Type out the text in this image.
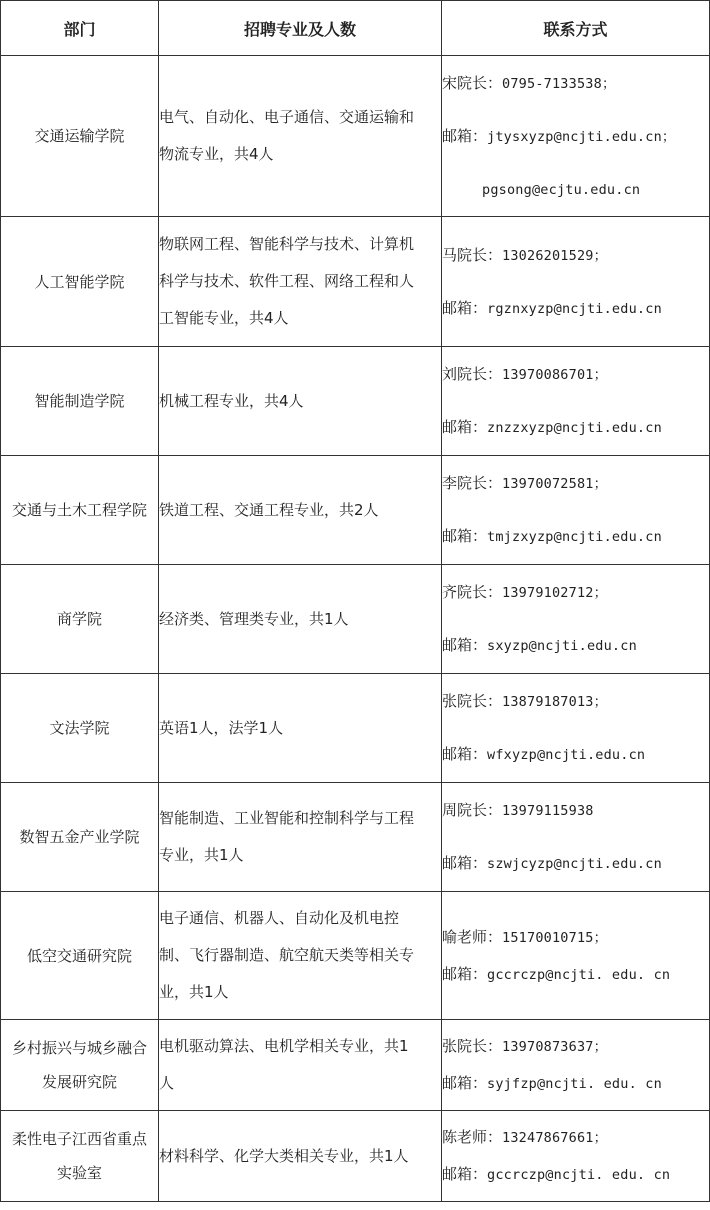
部门	招聘专业及人数	联系方式

交通运输学院	电气、自动化、电子通信、交通运输和
物流专业，共4人	宋院长：0795-7133538；
邮箱：jtysxyzp@ncjti.edu.cn；
pgsong@ecjtu.edu.cn

人工智能学院	物联网工程、智能科学与技术、计算机
科学与技术、软件工程、网络工程和人
工智能专业，共4人	马院长：13026201529；
邮箱：rgznxyzp@ncjti.edu.cn

智能制造学院	机械工程专业，共4人	刘院长：13970086701；
邮箱：znzzxyzp@ncjti.edu.cn

交通与土木工程学院	铁道工程、交通工程专业，共2人	李院长：13970072581；
邮箱：tmjzxyzp@ncjti.edu.cn

商学院	经济类、管理类专业，共1人	齐院长：13979102712；
邮箱：sxyzp@ncjti.edu.cn

文法学院	英语1人，法学1人	张院长：13879187013；
邮箱：wfxyzp@ncjti.edu.cn

数智五金产业学院	智能制造、工业智能和控制科学与工程
专业，共1人	周院长：13979115938
邮箱：szwjcyzp@ncjti.edu.cn

低空交通研究院	电子通信、机器人、自动化及机电控
制、飞行器制造、航空航天类等相关专
业，共1人	喻老师：15170010715；
邮箱：gccrczp@ncjti. edu. cn

乡村振兴与城乡融合
发展研究院	电机驱动算法、电机学相关专业，共1
人	张院长：13970873637；
邮箱：syjfzp@ncjti. edu. cn

柔性电子江西省重点
实验室	材料科学、化学大类相关专业，共1人	陈老师：13247867661；
邮箱：gccrczp@ncjti. edu. cn
